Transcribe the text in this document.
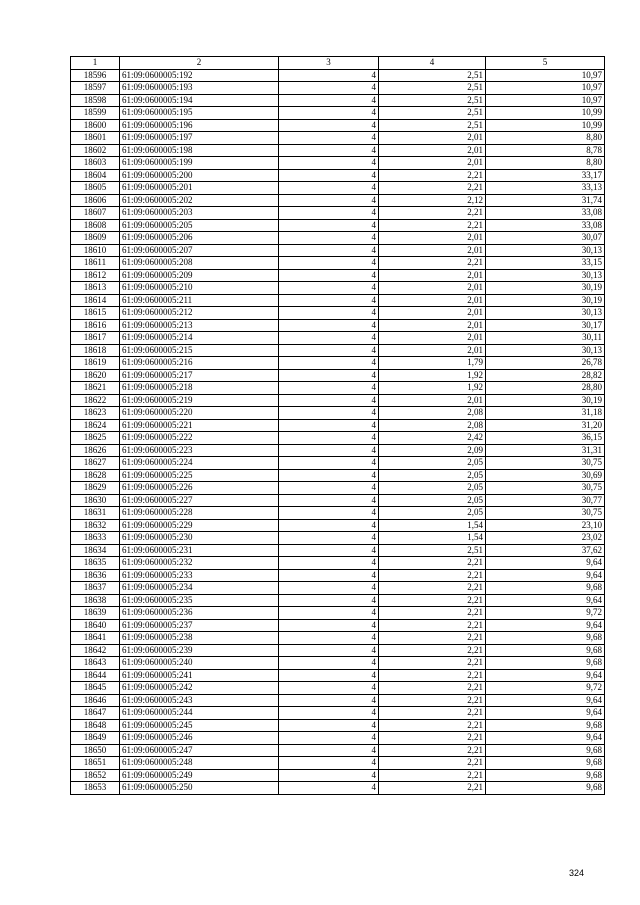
1	2	3	4	5
18596	61:09:0600005:192	4	2,51	10,97
18597	61:09:0600005:193	4	2,51	10,97
18598	61:09:0600005:194	4	2,51	10,97
18599	61:09:0600005:195	4	2,51	10,99
18600	61:09:0600005:196	4	2,51	10,99
18601	61:09:0600005:197	4	2,01	8,80
18602	61:09:0600005:198	4	2,01	8,78
18603	61:09:0600005:199	4	2,01	8,80
18604	61:09:0600005:200	4	2,21	33,17
18605	61:09:0600005:201	4	2,21	33,13
18606	61:09:0600005:202	4	2,12	31,74
18607	61:09:0600005:203	4	2,21	33,08
18608	61:09:0600005:205	4	2,21	33,08
18609	61:09:0600005:206	4	2,01	30,07
18610	61:09:0600005:207	4	2,01	30,13
18611	61:09:0600005:208	4	2,21	33,15
18612	61:09:0600005:209	4	2,01	30,13
18613	61:09:0600005:210	4	2,01	30,19
18614	61:09:0600005:211	4	2,01	30,19
18615	61:09:0600005:212	4	2,01	30,13
18616	61:09:0600005:213	4	2,01	30,17
18617	61:09:0600005:214	4	2,01	30,11
18618	61:09:0600005:215	4	2,01	30,13
18619	61:09:0600005:216	4	1,79	26,78
18620	61:09:0600005:217	4	1,92	28,82
18621	61:09:0600005:218	4	1,92	28,80
18622	61:09:0600005:219	4	2,01	30,19
18623	61:09:0600005:220	4	2,08	31,18
18624	61:09:0600005:221	4	2,08	31,20
18625	61:09:0600005:222	4	2,42	36,15
18626	61:09:0600005:223	4	2,09	31,31
18627	61:09:0600005:224	4	2,05	30,75
18628	61:09:0600005:225	4	2,05	30,69
18629	61:09:0600005:226	4	2,05	30,75
18630	61:09:0600005:227	4	2,05	30,77
18631	61:09:0600005:228	4	2,05	30,75
18632	61:09:0600005:229	4	1,54	23,10
18633	61:09:0600005:230	4	1,54	23,02
18634	61:09:0600005:231	4	2,51	37,62
18635	61:09:0600005:232	4	2,21	9,64
18636	61:09:0600005:233	4	2,21	9,64
18637	61:09:0600005:234	4	2,21	9,68
18638	61:09:0600005:235	4	2,21	9,64
18639	61:09:0600005:236	4	2,21	9,72
18640	61:09:0600005:237	4	2,21	9,64
18641	61:09:0600005:238	4	2,21	9,68
18642	61:09:0600005:239	4	2,21	9,68
18643	61:09:0600005:240	4	2,21	9,68
18644	61:09:0600005:241	4	2,21	9,64
18645	61:09:0600005:242	4	2,21	9,72
18646	61:09:0600005:243	4	2,21	9,64
18647	61:09:0600005:244	4	2,21	9,64
18648	61:09:0600005:245	4	2,21	9,68
18649	61:09:0600005:246	4	2,21	9,64
18650	61:09:0600005:247	4	2,21	9,68
18651	61:09:0600005:248	4	2,21	9,68
18652	61:09:0600005:249	4	2,21	9,68
18653	61:09:0600005:250	4	2,21	9,68
324
